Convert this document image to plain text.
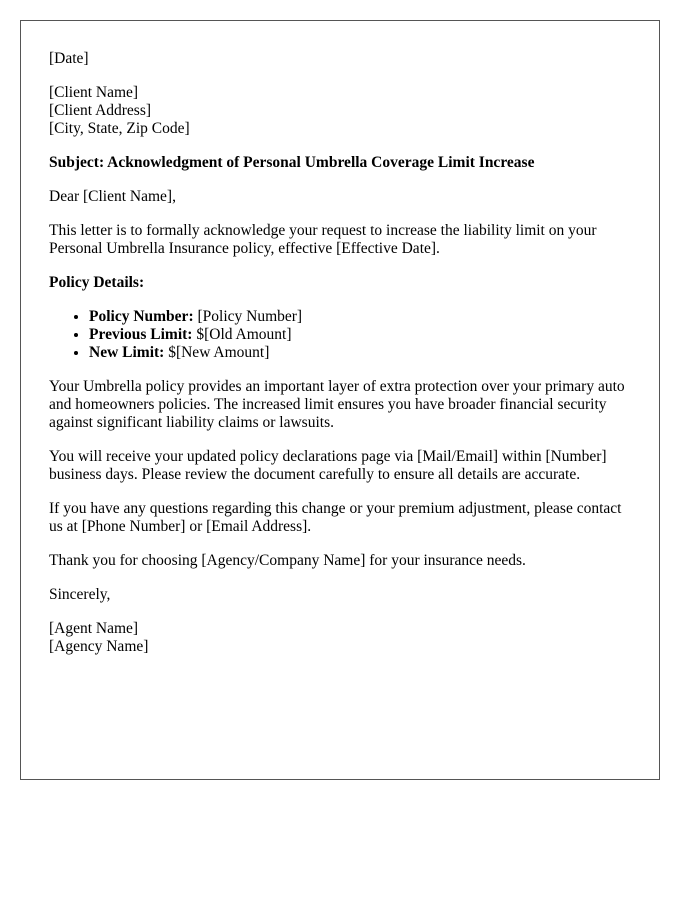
[Date]

[Client Name]
[Client Address]
[City, State, Zip Code]

Subject: Acknowledgment of Personal Umbrella Coverage Limit Increase

Dear [Client Name],

This letter is to formally acknowledge your request to increase the liability limit on your Personal Umbrella Insurance policy, effective [Effective Date].

Policy Details:

• Policy Number: [Policy Number]
• Previous Limit: $[Old Amount]
• New Limit: $[New Amount]

Your Umbrella policy provides an important layer of extra protection over your primary auto and homeowners policies. The increased limit ensures you have broader financial security against significant liability claims or lawsuits.

You will receive your updated policy declarations page via [Mail/Email] within [Number] business days. Please review the document carefully to ensure all details are accurate.

If you have any questions regarding this change or your premium adjustment, please contact us at [Phone Number] or [Email Address].

Thank you for choosing [Agency/Company Name] for your insurance needs.

Sincerely,

[Agent Name]
[Agency Name]
